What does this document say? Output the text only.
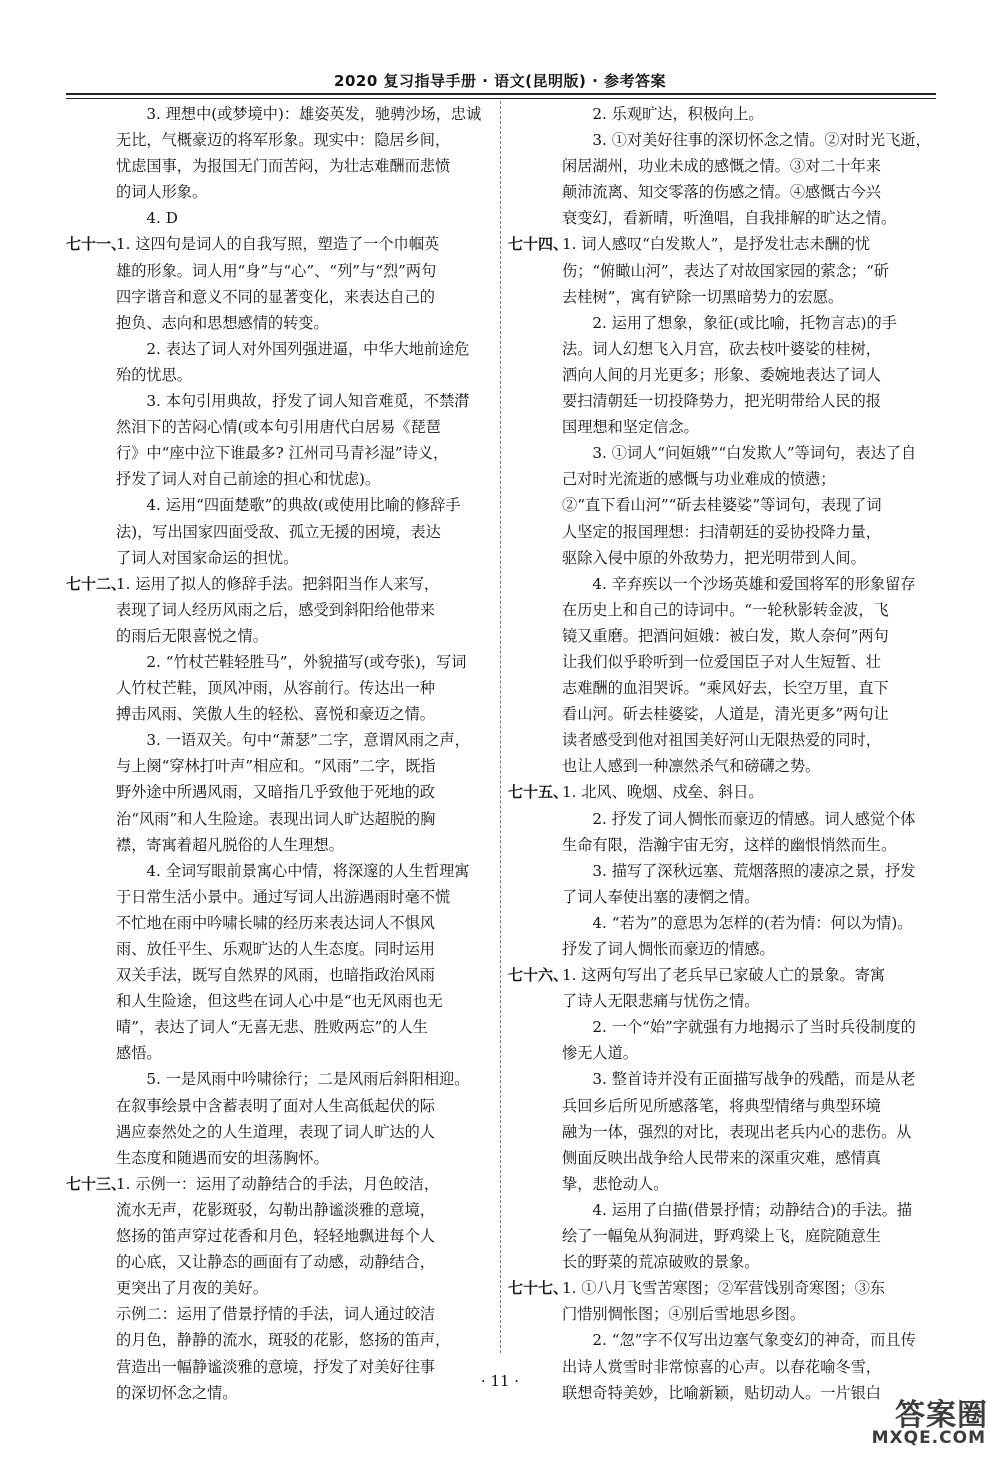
2020 复习指导手册 · 语文(昆明版) · 参考答案
3. 理想中(或梦境中)：雄姿英发，驰骋沙场，忠诚
无比，气概豪迈的将军形象。现实中：隐居乡间，
忧虑国事，为报国无门而苦闷，为壮志难酬而悲愤
的词人形象。
4. D
七十一、
1. 这四句是词人的自我写照，塑造了一个巾帼英
雄的形象。词人用“身”与“心”、“列”与“烈”两句
四字谐音和意义不同的显著变化，来表达自己的
抱负、志向和思想感情的转变。
2. 表达了词人对外国列强进逼，中华大地前途危
殆的忧思。
3. 本句引用典故，抒发了词人知音难觅，不禁潸
然泪下的苦闷心情(或本句引用唐代白居易《琵琶
行》中“座中泣下谁最多? 江州司马青衫湿”诗义，
抒发了词人对自己前途的担心和忧虑)。
4. 运用“四面楚歌”的典故(或使用比喻的修辞手
法)，写出国家四面受敌、孤立无援的困境，表达
了词人对国家命运的担忧。
七十二、
1. 运用了拟人的修辞手法。把斜阳当作人来写，
表现了词人经历风雨之后，感受到斜阳给他带来
的雨后无限喜悦之情。
2. “竹杖芒鞋轻胜马”，外貌描写(或夸张)，写词
人竹杖芒鞋，顶风冲雨，从容前行。传达出一种
搏击风雨、笑傲人生的轻松、喜悦和豪迈之情。
3. 一语双关。句中“萧瑟”二字，意谓风雨之声，
与上阕“穿林打叶声”相应和。“风雨”二字，既指
野外途中所遇风雨，又暗指几乎致他于死地的政
治“风雨”和人生险途。表现出词人旷达超脱的胸
襟，寄寓着超凡脱俗的人生理想。
4. 全词写眼前景寓心中情，将深邃的人生哲理寓
于日常生活小景中。通过写词人出游遇雨时毫不慌
不忙地在雨中吟啸长啸的经历来表达词人不惧风
雨、放任平生、乐观旷达的人生态度。同时运用
双关手法，既写自然界的风雨，也暗指政治风雨
和人生险途，但这些在词人心中是“也无风雨也无
晴”，表达了词人“无喜无悲、胜败两忘”的人生
感悟。
5. 一是风雨中吟啸徐行；二是风雨后斜阳相迎。
在叙事绘景中含蓄表明了面对人生高低起伏的际
遇应泰然处之的人生道理，表现了词人旷达的人
生态度和随遇而安的坦荡胸怀。
七十三、
1. 示例一：运用了动静结合的手法，月色皎洁，
流水无声，花影斑驳，勾勒出静谧淡雅的意境，
悠扬的笛声穿过花香和月色，轻轻地飘进每个人
的心底，又让静态的画面有了动感，动静结合，
更突出了月夜的美好。
示例二：运用了借景抒情的手法，词人通过皎洁
的月色，静静的流水，斑驳的花影，悠扬的笛声，
营造出一幅静谧淡雅的意境，抒发了对美好往事
的深切怀念之情。
2. 乐观旷达，积极向上。
3. ①对美好往事的深切怀念之情。②对时光飞逝，
闲居湖州，功业未成的感慨之情。③对二十年来
颠沛流离、知交零落的伤感之情。④感慨古今兴
衰变幻，看新晴，听渔唱，自我排解的旷达之情。
七十四、
1. 词人感叹“白发欺人”，是抒发壮志未酬的忧
伤；“俯瞰山河”，表达了对故国家园的萦念；“斫
去桂树”，寓有铲除一切黑暗势力的宏愿。
2. 运用了想象，象征(或比喻，托物言志)的手
法。词人幻想飞入月宫，砍去枝叶婆娑的桂树，
洒向人间的月光更多；形象、委婉地表达了词人
要扫清朝廷一切投降势力，把光明带给人民的报
国理想和坚定信念。
3. ①词人“问姮娥”“白发欺人”等词句，表达了自
己对时光流逝的感慨与功业难成的愤懑；
②“直下看山河”“斫去桂婆娑”等词句，表现了词
人坚定的报国理想：扫清朝廷的妥协投降力量，
驱除入侵中原的外敌势力，把光明带到人间。
4. 辛弃疾以一个沙场英雄和爱国将军的形象留存
在历史上和自己的诗词中。“一轮秋影转金波，飞
镜又重磨。把酒问姮娥：被白发，欺人奈何”两句
让我们似乎聆听到一位爱国臣子对人生短暂、壮
志难酬的血泪哭诉。“乘风好去，长空万里，直下
看山河。斫去桂婆娑，人道是，清光更多”两句让
读者感受到他对祖国美好河山无限热爱的同时，
也让人感到一种凛然杀气和磅礴之势。
七十五、
1. 北风、晚烟、戍垒、斜日。
2. 抒发了词人惆怅而豪迈的情感。词人感觉个体
生命有限，浩瀚宇宙无穷，这样的幽恨悄然而生。
3. 描写了深秋远塞、荒烟落照的凄凉之景，抒发
了词人奉使出塞的凄惘之情。
4. “若为”的意思为怎样的(若为情：何以为情)。
抒发了词人惆怅而豪迈的情感。
七十六、
1. 这两句写出了老兵早已家破人亡的景象。寄寓
了诗人无限悲痛与忧伤之情。
2. 一个“始”字就强有力地揭示了当时兵役制度的
惨无人道。
3. 整首诗并没有正面描写战争的残酷，而是从老
兵回乡后所见所感落笔，将典型情绪与典型环境
融为一体，强烈的对比，表现出老兵内心的悲伤。从
侧面反映出战争给人民带来的深重灾难，感情真
挚，悲怆动人。
4. 运用了白描(借景抒情；动静结合)的手法。描
绘了一幅兔从狗洞进，野鸡梁上飞，庭院随意生
长的野菜的荒凉破败的景象。
七十七、
1. ①八月飞雪苦寒图；②军营饯别奇寒图；③东
门惜别惆怅图；④别后雪地思乡图。
2. “忽”字不仅写出边塞气象变幻的神奇，而且传
出诗人赏雪时非常惊喜的心声。以春花喻冬雪，
联想奇特美妙，比喻新颖，贴切动人。一片银白
· 11 ·
答案圈
MXQE.COM
